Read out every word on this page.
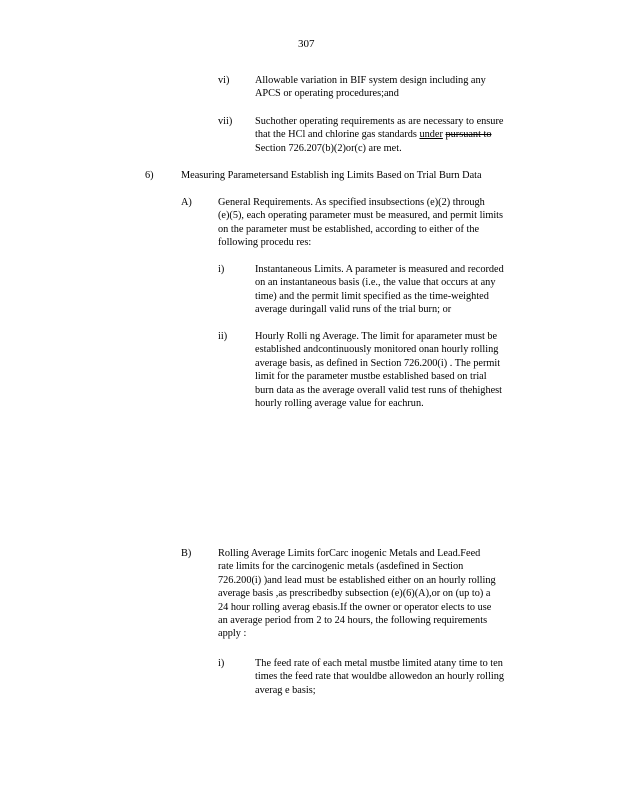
307
vi) Allowable variation in BIF system design including any
APCS or operating procedures;and
vii) Suchother operating requirements as are necessary to ensure
that the HCl and chlorine gas standards under pursuant to
Section 726.207(b)(2)or(c) are met.
6)	Measuring Parametersand Establish ing Limits Based on Trial Burn Data
A)	General Requirements. As specified insubsections (e)(2) through
(e)(5), each operating parameter must be measured, and permit limits
on the parameter must be established, according to either of the
following procedu res:
i)	Instantaneous Limits. A parameter is measured and recorded
on an instantaneous basis (i.e., the value that occurs at any
time) and the permit limit specified as the time-weighted
average duringall valid runs of the trial burn; or
ii)	Hourly Rolli ng Average. The limit for aparameter must be
established andcontinuously monitored onan hourly rolling
average basis, as defined in Section 726.200(i) . The permit
limit for the parameter mustbe established based on trial
burn data as the average overall valid test runs of thehighest
hourly rolling average value for eachrun.
B)	Rolling Average Limits forCarc inogenic Metals and Lead.Feed
rate limits for the carcinogenic metals (asdefined in Section
726.200(i) )and lead must be established either on an hourly rolling
average basis ,as prescribedby subsection (e)(6)(A),or on (up to) a
24 hour rolling averag ebasis.If the owner or operator elects to use
an average period from 2 to 24 hours, the following requirements
apply :
i)	The feed rate of each metal mustbe limited atany time to ten
times the feed rate that wouldbe allowedon an hourly rolling
averag e basis;
